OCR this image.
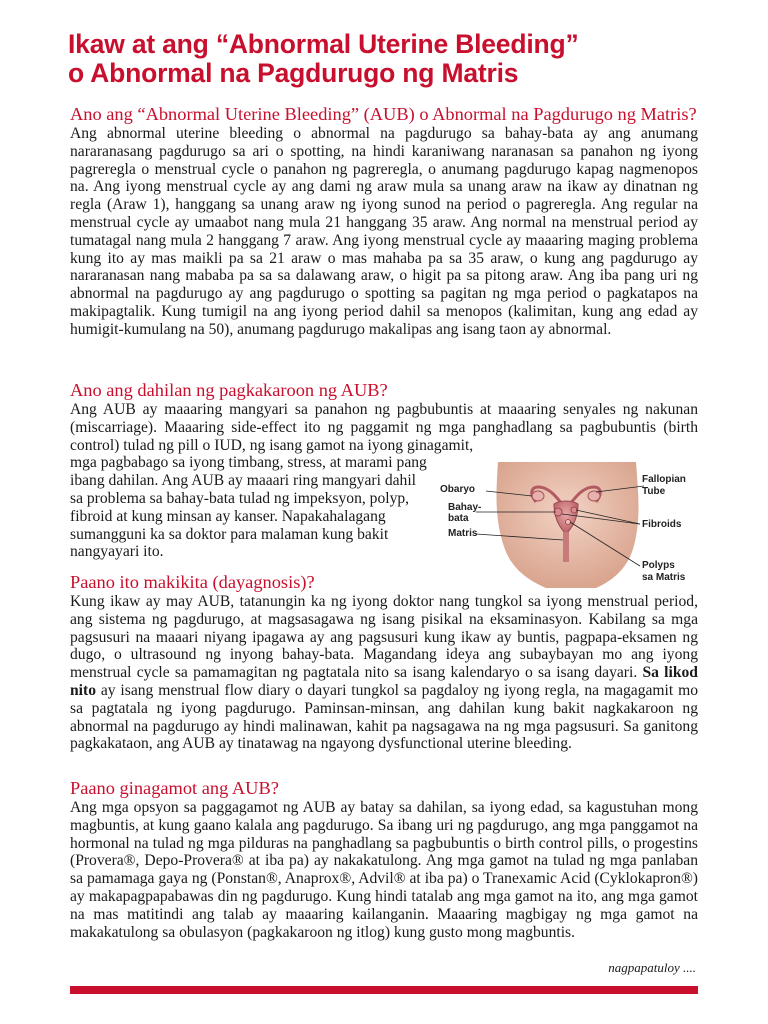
Ikaw at ang “Abnormal Uterine Bleeding”
o Abnormal na Pagdurugo ng Matris
Ano ang “Abnormal Uterine Bleeding” (AUB) o Abnormal na Pagdurugo ng Matris?

Ang abnormal uterine bleeding o abnormal na pagdurugo sa bahay-bata ay ang anumang nararanasang pagdurugo sa ari o spotting, na hindi karaniwang naranasan sa panahon ng iyong pagreregla o menstrual cycle o panahon ng pagreregla, o anumang pagdurugo kapag nagmenopos na. Ang iyong menstrual cycle ay ang dami ng araw mula sa unang araw na ikaw ay dinatnan ng regla (Araw 1), hanggang sa unang araw ng iyong sunod na period o pagreregla. Ang regular na menstrual cycle ay umaabot nang mula 21 hanggang 35 araw. Ang normal na menstrual period ay tumatagal nang mula 2 hanggang 7 araw. Ang iyong menstrual cycle ay maaaring maging problema kung ito ay mas maikli pa sa 21 araw o mas mahaba pa sa 35 araw, o kung ang pagdurugo ay nararanasan nang mababa pa sa sa dalawang araw, o higit pa sa pitong araw. Ang iba pang uri ng abnormal na pagdurugo ay ang pagdurugo o spotting sa pagitan ng mga period o pagkatapos na makipagtalik. Kung tumigil na ang iyong period dahil sa menopos (kalimitan, kung ang edad ay humigit-kumulang na 50), anumang pagdurugo makalipas ang isang taon ay abnormal.

Ano ang dahilan ng pagkakaroon ng AUB?

Ang AUB ay maaaring mangyari sa panahon ng pagbubuntis at maaaring senyales ng nakunan (miscarriage). Maaaring side-effect ito ng paggamit ng mga panghadlang sa pagbubuntis (birth control) tulad ng pill o IUD, ng isang gamot na iyong ginagamit,

mga pagbabago sa iyong timbang, stress, at marami pang ibang dahilan. Ang AUB ay maaari ring mangyari dahil sa problema sa bahay-bata tulad ng impeksyon, polyp, fibroid at kung minsan ay kanser. Napakahalagang sumangguni ka sa doktor para malaman kung bakit nangyayari ito.

Obaryo
Bahay-
bata
Matris
Fallopian
Tube
Fibroids
Polyps
sa Matris
Paano ito makikita (dayagnosis)?

Kung ikaw ay may AUB, tatanungin ka ng iyong doktor nang tungkol sa iyong menstrual period, ang sistema ng pagdurugo, at magsasagawa ng isang pisikal na eksaminasyon. Kabilang sa mga pagsusuri na maaari niyang ipagawa ay ang pagsusuri kung ikaw ay buntis, pagpapa-eksamen ng dugo, o ultrasound ng inyong bahay-bata. Magandang ideya ang subaybayan mo ang iyong menstrual cycle sa pamamagitan ng pagtatala nito sa isang kalendaryo o sa isang dayari. Sa likod nito ay isang menstrual flow diary o dayari tungkol sa pagdaloy ng iyong regla, na magagamit mo sa pagtatala ng iyong pagdurugo. Paminsan-minsan, ang dahilan kung bakit nagkakaroon ng abnormal na pagdurugo ay hindi malinawan, kahit pa nagsagawa na ng mga pagsusuri. Sa ganitong pagkakataon, ang AUB ay tinatawag na ngayong dysfunctional uterine bleeding.

Paano ginagamot ang AUB?

Ang mga opsyon sa paggagamot ng AUB ay batay sa dahilan, sa iyong edad, sa kagustuhan mong magbuntis, at kung gaano kalala ang pagdurugo. Sa ibang uri ng pagdurugo, ang mga panggamot na hormonal na tulad ng mga pilduras na panghadlang sa pagbubuntis o birth control pills, o progestins (Provera®, Depo-Provera® at iba pa) ay nakakatulong. Ang mga gamot na tulad ng mga panlaban sa pamamaga gaya ng (Ponstan®, Anaprox®, Advil® at iba pa) o Tranexamic Acid (Cyklokapron®) ay makapagpapabawas din ng pagdurugo. Kung hindi tatalab ang mga gamot na ito, ang mga gamot na mas matitindi ang talab ay maaaring kailanganin. Maaaring magbigay ng mga gamot na makakatulong sa obulasyon (pagkakaroon ng itlog) kung gusto mong magbuntis.

nagpapatuloy ....
